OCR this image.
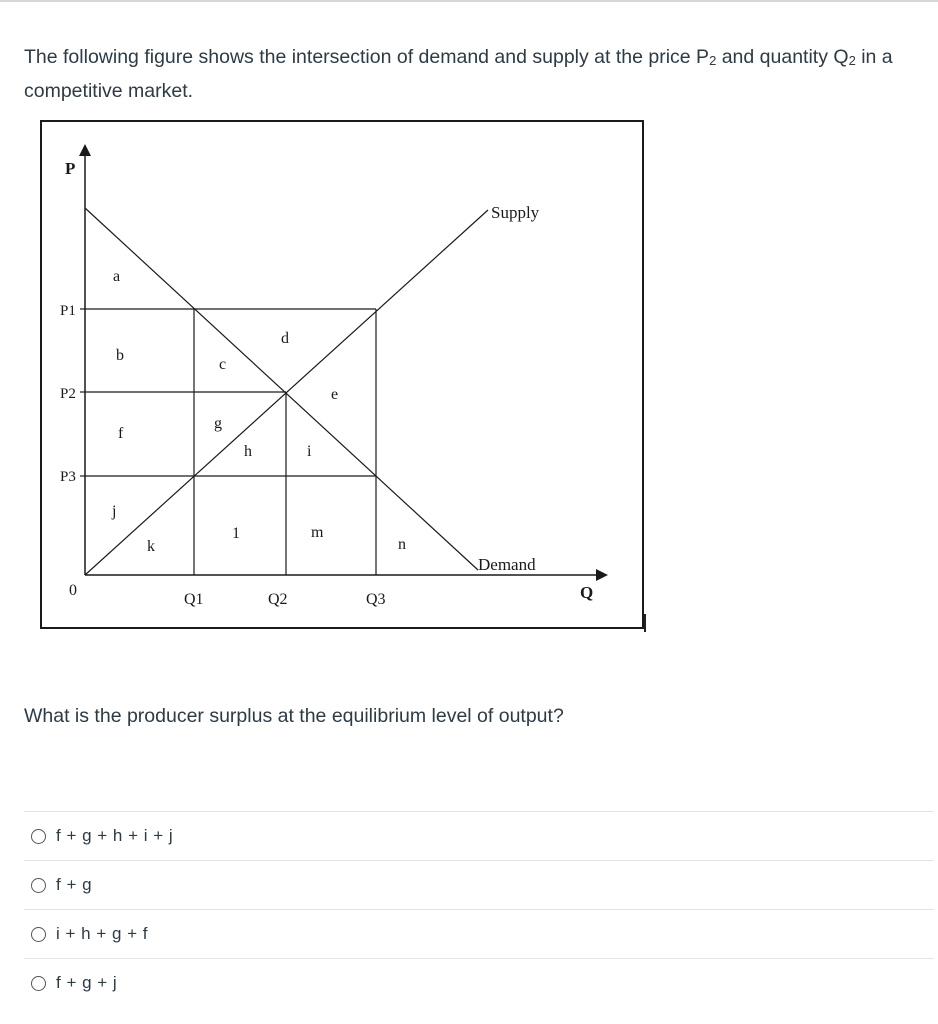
The following figure shows the intersection of demand and supply at the price $P_2$ and quantity $Q_2$ in a competitive market.
P
Q
0
P1
P2
P3
Q1	Q2	Q3
Supply
Demand
a
b
c
d
e
f
g
h	i
j
k
1	m
n
What is the producer surplus at the equilibrium level of output?
f + g + h + i + j
f + g
i + h + g + f
f + g + j
